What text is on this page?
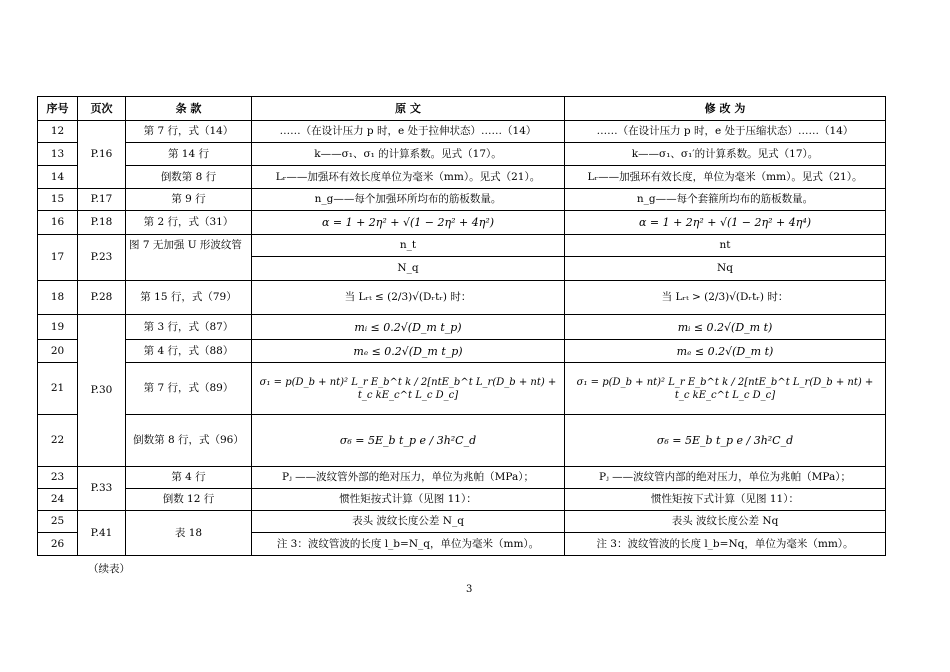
序号	页次	条 款	原 文	修 改 为
12	P.16	第 7 行，式（14）	……（在设计压力 p 时，e 处于拉伸状态）……（14）	……（在设计压力 p 时，e 处于压缩状态）……（14）
13		第 14 行	k——σ₁、σ₁ 的计算系数。见式（17）。	k——σ₁、σ₁′的计算系数。见式（17）。
14		倒数第 8 行	Lᵣ——加强环有效长度单位为毫米（mm）。见式（21）。	Lᵣ——加强环有效长度，单位为毫米（mm）。见式（21）。
15	P.17	第 9 行	n_g——每个加强环所均布的筋板数量。	n_g——每个套箍所均布的筋板数量。
16	P.18	第 2 行，式（31）	α = 1 + 2η² + √(1 − 2η² + 4η²)	α = 1 + 2η² + √(1 − 2η² + 4η⁴)
17	P.23	图 7 无加强 U 形波纹管	n_t	nt
			N_q	Nq
18	P.28	第 15 行，式（79）	当 Lᵣₜ ≤ (2/3)√(Dᵣtᵣ) 时：	当 Lᵣₜ > (2/3)√(Dᵣtᵣ) 时：
19	P.30	第 3 行，式（87）	mᵢ ≤ 0.2√(D_m t_p)	mᵢ ≤ 0.2√(D_m t)
20		第 4 行，式（88）	mₑ ≤ 0.2√(D_m t_p)	mₑ ≤ 0.2√(D_m t)
21		第 7 行，式（89）	σ₁ = p(D_b + nt)² L_r E_b^t k / 2[ntE_b^t L_r(D_b + nt) + t_c kE_c^t L_c D_c]	σ₁ = p(D_b + nt)² L_r E_b^t k / 2[ntE_b^t L_r(D_b + nt) + t_c kE_c^t L_c D_c]
22		倒数第 8 行，式（96）	σ₆ = 5E_b t_p e / 3h²C_d	σ₆ = 5E_b t_p e / 3h²C_d
23	P.33	第 4 行	Pⱼ ——波纹管外部的绝对压力，单位为兆帕（MPa）；	Pⱼ ——波纹管内部的绝对压力，单位为兆帕（MPa）；
24		倒数 12 行	惯性矩按式计算（见图 11）：	惯性矩按下式计算（见图 11）：
25	P.41	表 18	表头 波纹长度公差 N_q	表头 波纹长度公差 Nq
26			注 3：波纹管波的长度 l_b=N_q，单位为毫米（mm）。	注 3：波纹管波的长度 l_b=Nq，单位为毫米（mm）。
（续表）
3
